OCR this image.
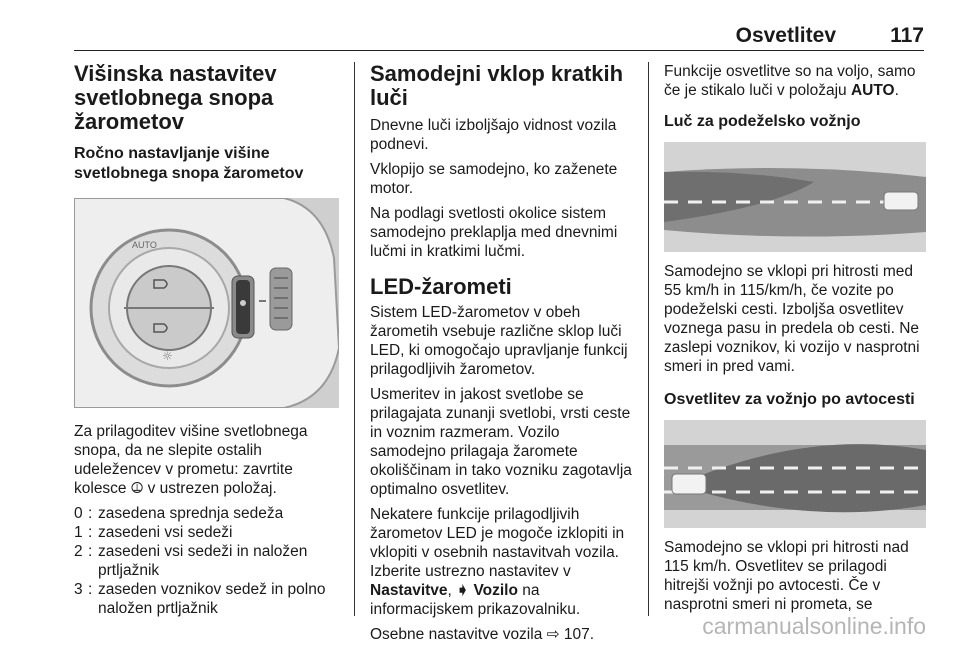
Osvetlitev	117
Višinska nastavitev svetlobnega snopa žarometov
Ročno nastavljanje višine svetlobnega snopa žarometov
AUTO
☼

Za prilagoditev višine svetlobnega snopa, da ne slepite ostalih udeležencev v prometu: zavrtite kolesce ⦹ v ustrezen položaj.

0 : zasedena sprednja sedeža
1 : zasedeni vsi sedeži
2 : zasedeni vsi sedeži in naložen prtljažnik
3 : zaseden voznikov sedež in polno naložen prtljažnik
Samodejni vklop kratkih luči

Dnevne luči izboljšajo vidnost vozila podnevi.

Vklopijo se samodejno, ko zaženete motor.

Na podlagi svetlosti okolice sistem samodejno preklaplja med dnevnimi lučmi in kratkimi lučmi.

LED-žarometi

Sistem LED-žarometov v obeh žarometih vsebuje različne sklop luči LED, ki omogočajo upravljanje funkcij prilagodljivih žarometov.

Usmeritev in jakost svetlobe se prilagajata zunanji svetlobi, vrsti ceste in voznim razmeram. Vozilo samodejno prilagaja žaromete okoliščinam in tako vozniku zagotavlja optimalno osvetlitev.

Nekatere funkcije prilagodljivih žarometov LED je mogoče izklopiti in vklopiti v osebnih nastavitvah vozila. Izberite ustrezno nastavitev v Nastavitve, ➧ Vozilo na informacijskem prikazovalniku.

Osebne nastavitve vozila ⇨ 107.

Funkcije osvetlitve so na voljo, samo če je stikalo luči v položaju AUTO.

Luč za podeželsko vožnjo

Samodejno se vklopi pri hitrosti med 55 km/h in 115/km/h, če vozite po podeželski cesti. Izboljša osvetlitev voznega pasu in predela ob cesti. Ne zaslepi voznikov, ki vozijo v nasprotni smeri in pred vami.

Osvetlitev za vožnjo po avtocesti

Samodejno se vklopi pri hitrosti nad 115 km/h. Osvetlitev se prilagodi hitrejši vožnji po avtocesti. Če v nasprotni smeri ni prometa, se

carmanualsonline.info
